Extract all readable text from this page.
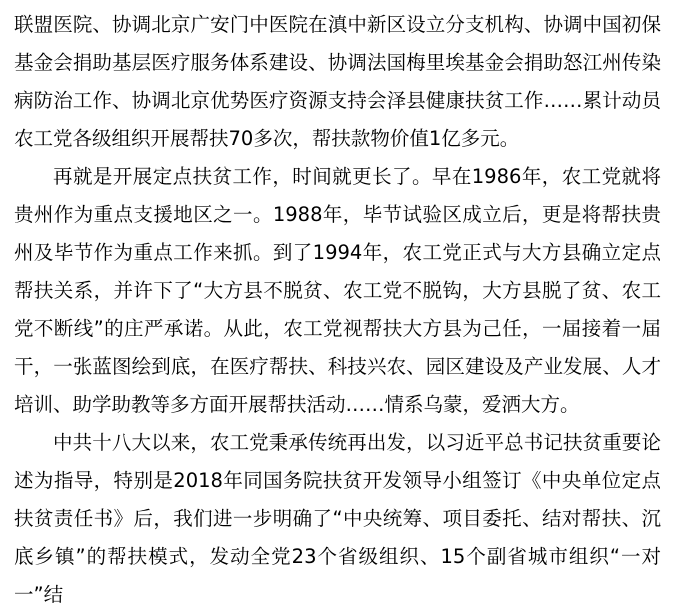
联盟医院、协调北京广安门中医院在滇中新区设立分支机构、协调中国初保基金会捐助基层医疗服务体系建设、协调法国梅里埃基金会捐助怒江州传染病防治工作、协调北京优势医疗资源支持会泽县健康扶贫工作……累计动员农工党各级组织开展帮扶70多次，帮扶款物价值1亿多元。

再就是开展定点扶贫工作，时间就更长了。早在1986年，农工党就将贵州作为重点支援地区之一。1988年，毕节试验区成立后，更是将帮扶贵州及毕节作为重点工作来抓。到了1994年，农工党正式与大方县确立定点帮扶关系，并许下了“大方县不脱贫、农工党不脱钩，大方县脱了贫、农工党不断线”的庄严承诺。从此，农工党视帮扶大方县为己任，一届接着一届干，一张蓝图绘到底，在医疗帮扶、科技兴农、园区建设及产业发展、人才培训、助学助教等多方面开展帮扶活动……情系乌蒙，爱洒大方。

中共十八大以来，农工党秉承传统再出发，以习近平总书记扶贫重要论述为指导，特别是2018年同国务院扶贫开发领导小组签订《中央单位定点扶贫责任书》后，我们进一步明确了“中央统筹、项目委托、结对帮扶、沉底乡镇”的帮扶模式，发动全党23个省级组织、15个副省城市组织“一对一”结
